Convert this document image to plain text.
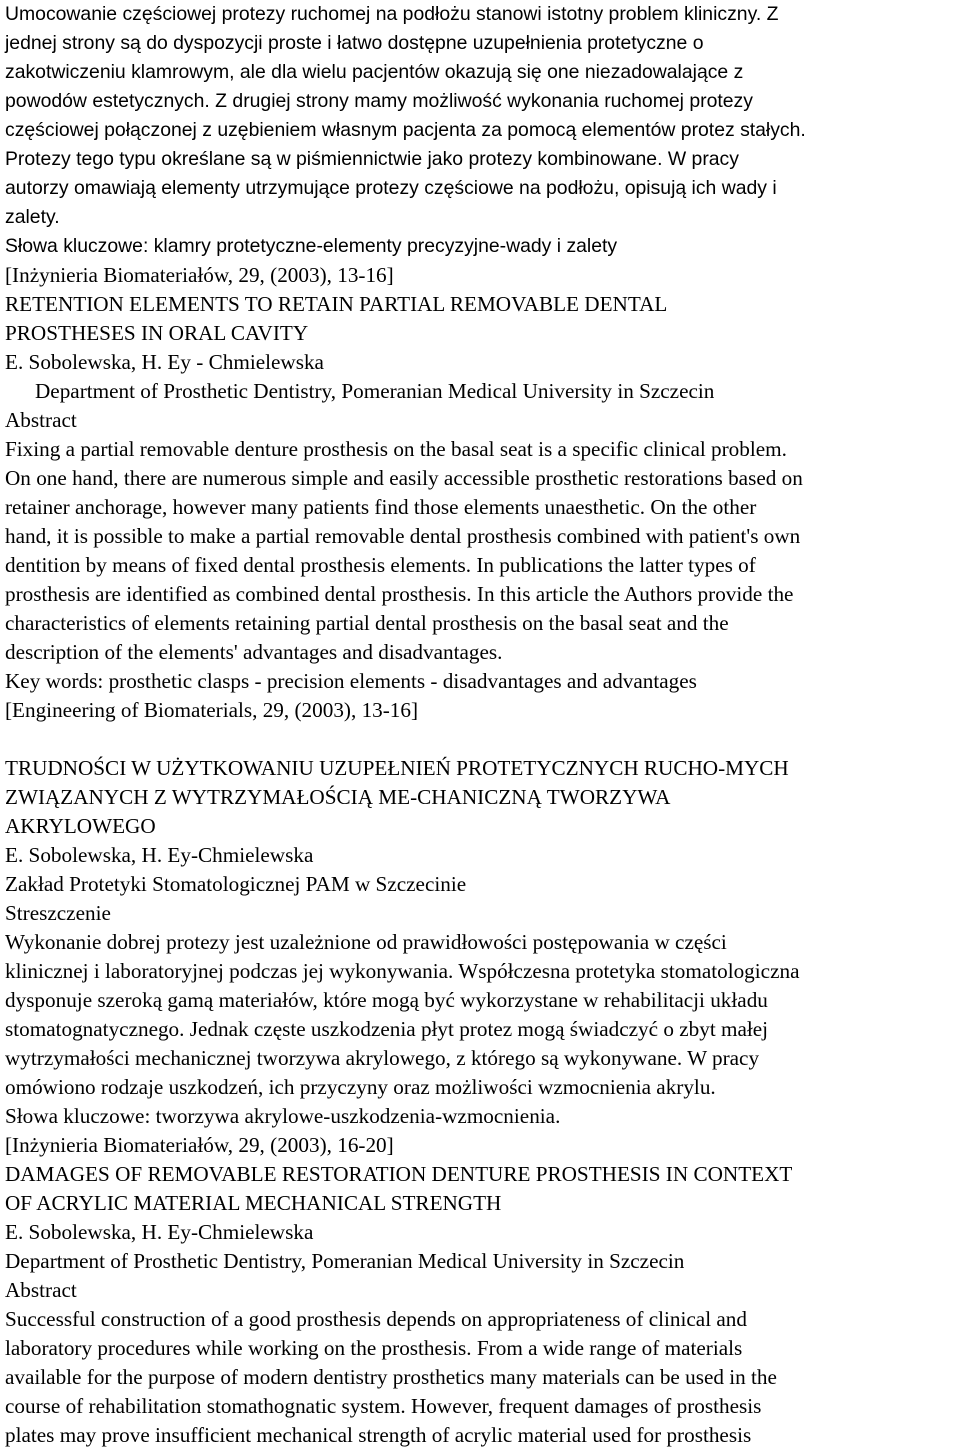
Umocowanie częściowej protezy ruchomej na podłożu stanowi istotny problem kliniczny. Z
jednej strony są do dyspozycji proste i łatwo dostępne uzupełnienia protetyczne o
zakotwiczeniu klamrowym, ale dla wielu pacjentów okazują się one niezadowalające z
powodów estetycznych. Z drugiej strony mamy możliwość wykonania ruchomej protezy
częściowej połączonej z uzębieniem własnym pacjenta za pomocą elementów protez stałych.
Protezy tego typu określane są w piśmiennictwie jako protezy kombinowane. W pracy
autorzy omawiają elementy utrzymujące protezy częściowe na podłożu, opisują ich wady i
zalety.
Słowa kluczowe: klamry protetyczne-elementy precyzyjne-wady i zalety
[Inżynieria Biomateriałów, 29, (2003), 13-16]
RETENTION ELEMENTS TO RETAIN PARTIAL REMOVABLE DENTAL
PROSTHESES IN ORAL CAVITY
E. Sobolewska, H. Ey - Chmielewska
Department of Prosthetic Dentistry, Pomeranian Medical University in Szczecin
Abstract
Fixing a partial removable denture prosthesis on the basal seat is a specific clinical problem.
On one hand, there are numerous simple and easily accessible prosthetic restorations based on
retainer anchorage, however many patients find those elements unaesthetic. On the other
hand, it is possible to make a partial removable dental prosthesis combined with patient's own
dentition by means of fixed dental prosthesis elements. In publications the latter types of
prosthesis are identified as combined dental prosthesis. In this article the Authors provide the
characteristics of elements retaining partial dental prosthesis on the basal seat and the
description of the elements' advantages and disadvantages.
Key words: prosthetic clasps - precision elements - disadvantages and advantages
[Engineering of Biomaterials, 29, (2003), 13-16]
TRUDNOŚCI W UŻYTKOWANIU UZUPEŁNIEŃ PROTETYCZNYCH RUCHO-MYCH
ZWIĄZANYCH Z WYTRZYMAŁOŚCIĄ ME-CHANICZNĄ TWORZYWA
AKRYLOWEGO
E. Sobolewska, H. Ey-Chmielewska
Zakład Protetyki Stomatologicznej PAM w Szczecinie
Streszczenie
Wykonanie dobrej protezy jest uzależnione od prawidłowości postępowania w części
klinicznej i laboratoryjnej podczas jej wykonywania. Współczesna protetyka stomatologiczna
dysponuje szeroką gamą materiałów, które mogą być wykorzystane w rehabilitacji układu
stomatognatycznego. Jednak częste uszkodzenia płyt protez mogą świadczyć o zbyt małej
wytrzymałości mechanicznej tworzywa akrylowego, z którego są wykonywane. W pracy
omówiono rodzaje uszkodzeń, ich przyczyny oraz możliwości wzmocnienia akrylu.
Słowa kluczowe: tworzywa akrylowe-uszkodzenia-wzmocnienia.
[Inżynieria Biomateriałów, 29, (2003), 16-20]
DAMAGES OF REMOVABLE RESTORATION DENTURE PROSTHESIS IN CONTEXT
OF ACRYLIC MATERIAL MECHANICAL STRENGTH
E. Sobolewska, H. Ey-Chmielewska
Department of Prosthetic Dentistry, Pomeranian Medical University in Szczecin
Abstract
Successful construction of a good prosthesis depends on appropriateness of clinical and
laboratory procedures while working on the prosthesis. From a wide range of materials
available for the purpose of modern dentistry prosthetics many materials can be used in the
course of rehabilitation stomathognatic system. However, frequent damages of prosthesis
plates may prove insufficient mechanical strength of acrylic material used for prosthesis
